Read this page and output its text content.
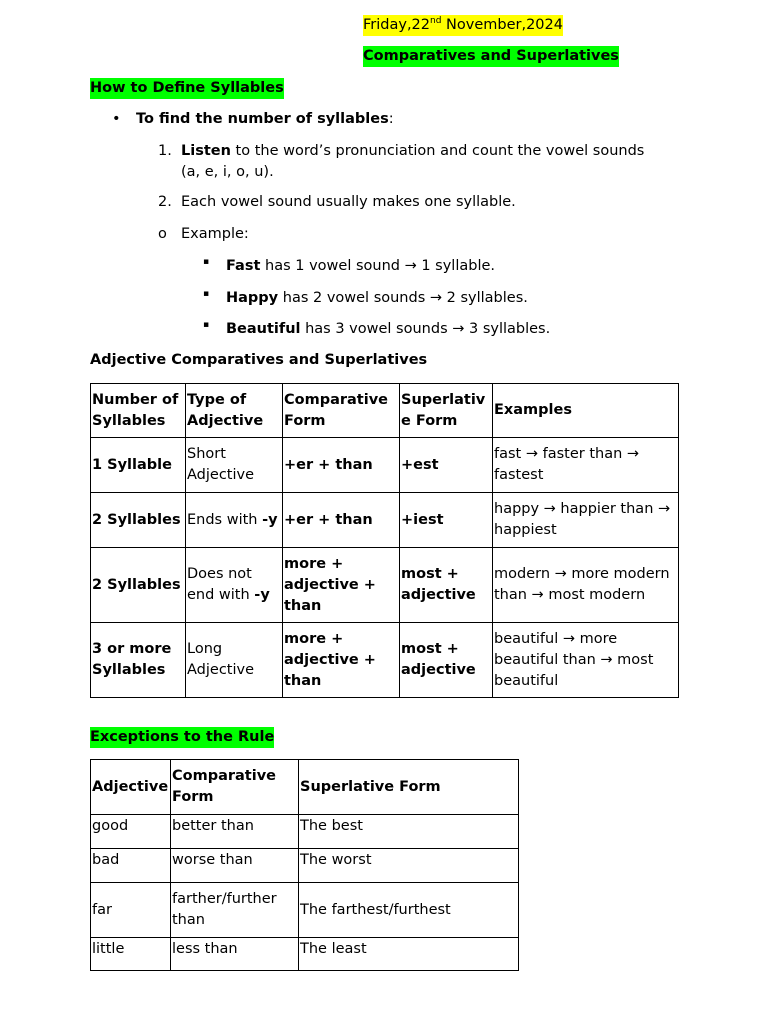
Friday,22nd November,2024
Comparatives and Superlatives
How to Define Syllables
• To find the number of syllables:
1. Listen to the word’s pronunciation and count the vowel sounds
(a, e, i, o, u).
2. Each vowel sound usually makes one syllable.
o Example:
▪ Fast has 1 vowel sound → 1 syllable.
▪ Happy has 2 vowel sounds → 2 syllables.
▪ Beautiful has 3 vowel sounds → 3 syllables.
Adjective Comparatives and Superlatives
Number of Syllables	Type of Adjective	Comparative Form	Superlative Form	Examples
1 Syllable	Short Adjective	+er + than	+est	fast → faster than → fastest
2 Syllables	Ends with -y	+er + than	+iest	happy → happier than → happiest
2 Syllables	Does not end with -y	more + adjective + than	most + adjective	modern → more modern than → most modern
3 or more Syllables	Long Adjective	more + adjective + than	most + adjective	beautiful → more beautiful than → most beautiful
Exceptions to the Rule
Adjective	Comparative Form	Superlative Form
good	better than	The best
bad	worse than	The worst
far	farther/further than	The farthest/furthest
little	less than	The least
